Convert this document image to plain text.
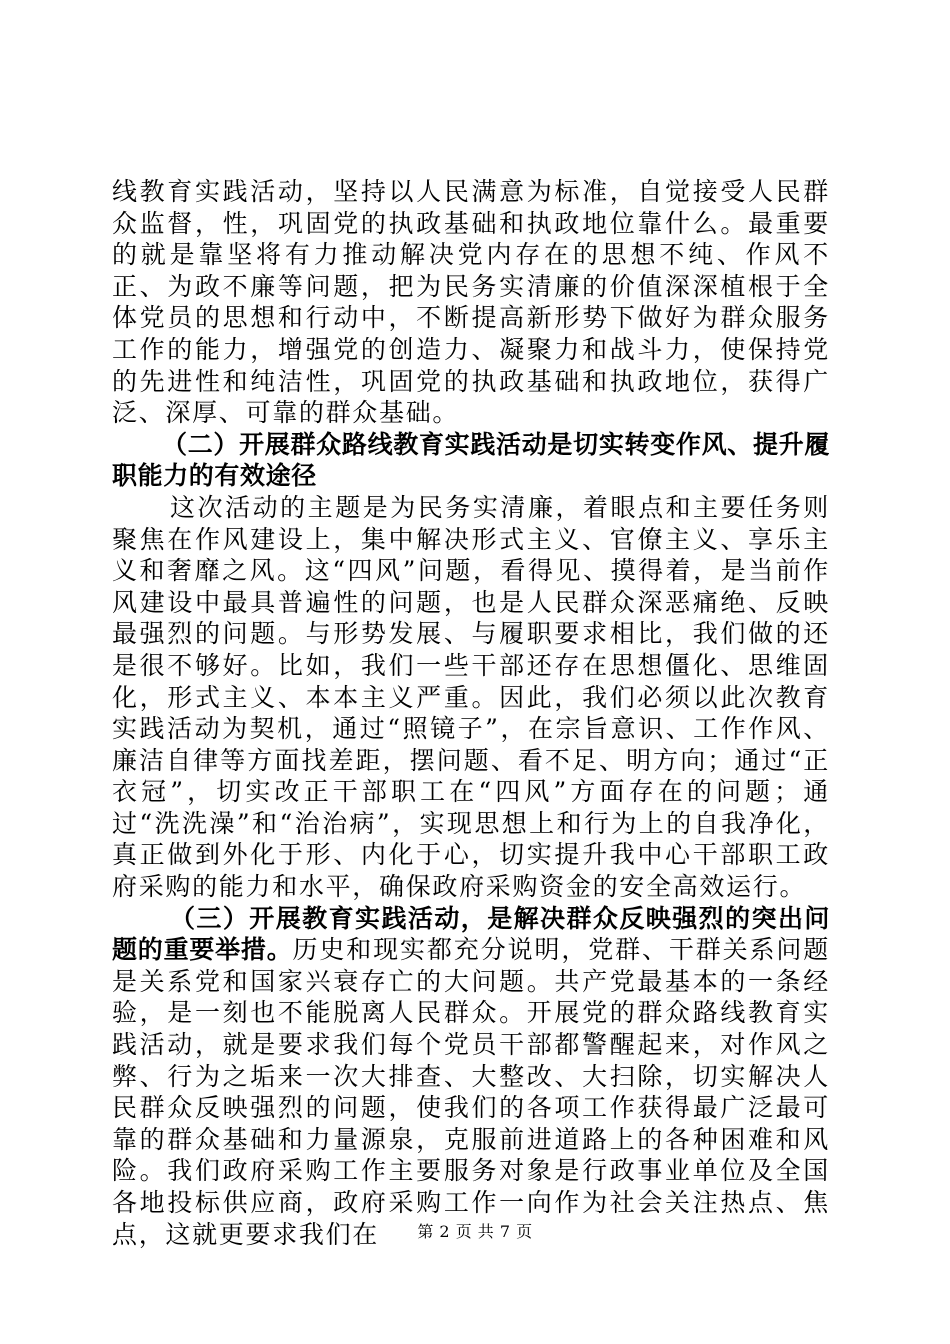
线教育实践活动，坚持以人民满意为标准，自觉接受人民群众监督，性，巩固党的执政基础和执政地位靠什么。最重要的就是靠坚将有力推动解决党内存在的思想不纯、作风不正、为政不廉等问题，把为民务实清廉的价值深深植根于全体党员的思想和行动中，不断提高新形势下做好为群众服务工作的能力，增强党的创造力、凝聚力和战斗力，使保持党的先进性和纯洁性，巩固党的执政基础和执政地位，获得广泛、深厚、可靠的群众基础。

（二）开展群众路线教育实践活动是切实转变作风、提升履职能力的有效途径

这次活动的主题是为民务实清廉，着眼点和主要任务则聚焦在作风建设上，集中解决形式主义、官僚主义、享乐主义和奢靡之风。这“四风”问题，看得见、摸得着，是当前作风建设中最具普遍性的问题，也是人民群众深恶痛绝、反映最强烈的问题。与形势发展、与履职要求相比，我们做的还是很不够好。比如，我们一些干部还存在思想僵化、思维固化，形式主义、本本主义严重。因此，我们必须以此次教育实践活动为契机，通过“照镜子”，在宗旨意识、工作作风、廉洁自律等方面找差距，摆问题、看不足、明方向；通过“正衣冠”，切实改正干部职工在“四风”方面存在的问题；通过“洗洗澡”和“治治病”，实现思想上和行为上的自我净化，真正做到外化于形、内化于心，切实提升我中心干部职工政府采购的能力和水平，确保政府采购资金的安全高效运行。

（三）开展教育实践活动，是解决群众反映强烈的突出问题的重要举措。历史和现实都充分说明，党群、干群关系问题是关系党和国家兴衰存亡的大问题。共产党最基本的一条经验，是一刻也不能脱离人民群众。开展党的群众路线教育实践活动，就是要求我们每个党员干部都警醒起来，对作风之弊、行为之垢来一次大排查、大整改、大扫除，切实解决人民群众反映强烈的问题，使我们的各项工作获得最广泛最可靠的群众基础和力量源泉，克服前进道路上的各种困难和风险。我们政府采购工作主要服务对象是行政事业单位及全国各地投标供应商，政府采购工作一向作为社会关注热点、焦点，这就更要求我们在	第 2 页 共 7 页
